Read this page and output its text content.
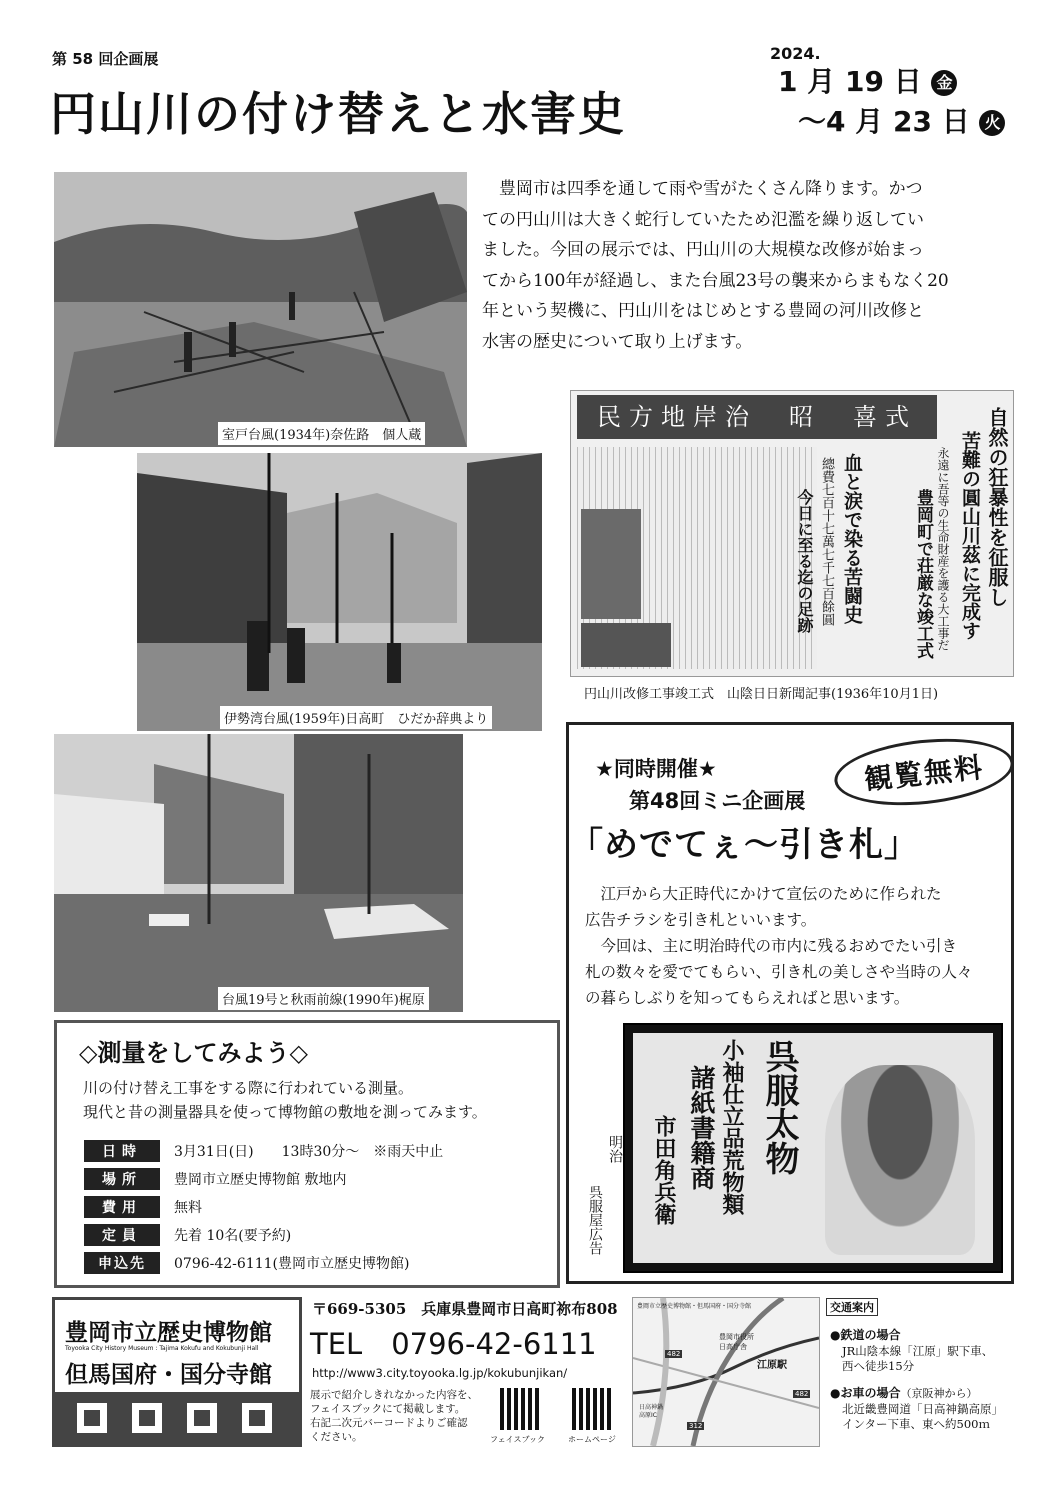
第 58 回企画展
円山川の付け替えと水害史
2024.
1 月 19 日 金
～4 月 23 日 火
室戸台風(1934年)奈佐路　個人蔵
伊勢湾台風(1959年)日高町　ひだか辞典より
台風19号と秋雨前線(1990年)梶原
　豊岡市は四季を通して雨や雪がたくさん降ります。かつ
ての円山川は大きく蛇行していたため氾濫を繰り返してい
ました。今回の展示では、円山川の大規模な改修が始まっ
てから100年が経過し、また台風23号の襲来からまもなく20
年という契機に、円山川をはじめとする豊岡の河川改修と
水害の歴史について取り上げます。
民方地岸治　昭　喜式	自然の狂暴性を征服し
苦難の圓山川茲に完成す
永遠に吾等の生命財産を護る大工事だ
豊岡町で荘厳な竣工式
血と涙で染る苦闘史
總費七百十七萬七千七百餘圓
今日に至る迄の足跡
円山川改修工事竣工式　山陰日日新聞記事(1936年10月1日)
◇測量をしてみよう◇
川の付け替え工事をする際に行われている測量。
現代と昔の測量器具を使って博物館の敷地を測ってみます。
日時	3月31日(日)　　13時30分～　※雨天中止
場所	豊岡市立歴史博物館 敷地内
費用	無料
定員	先着 10名(要予約)
申込先	0796-42-6111(豊岡市立歴史博物館)
★同時開催★
第48回ミニ企画展
「めでてぇ～引き札」
　江戸から大正時代にかけて宣伝のために作られた
広告チラシを引き札といいます。
　今回は、主に明治時代の市内に残るおめでたい引き
札の数々を愛でてもらい、引き札の美しさや当時の人々
の暮らしぶりを知ってもらえればと思います。
呉服太物
小袖仕立品荒物類
諸紙書籍商
市田角兵衛
明治
呉服屋広告
観覧無料
豊岡市立歴史博物館
Toyooka City History Museum : Tajima Kokufu and Kokubunji Hall
但馬国府・国分寺館
〒669-5305　兵庫県豊岡市日高町祢布808
TEL　0796-42-6111
http://www3.city.toyooka.lg.jp/kokubunjikan/
展示で紹介しきれなかった内容を、
フェイスブックにて掲載します。
右記二次元バーコードよりご確認
ください。	フェイスブック	ホームページ
豊岡市立歴史博物館・但馬国府・国分寺館
豊岡市役所
日高庁舎
江原駅
日高神鍋
高原IC
482
312
482
交通案内
●鉄道の場合
JR山陰本線「江原」駅下車、
西へ徒歩15分
●お車の場合（京阪神から）
北近畿豊岡道「日高神鍋高原」
インター下車、東へ約500ｍ
